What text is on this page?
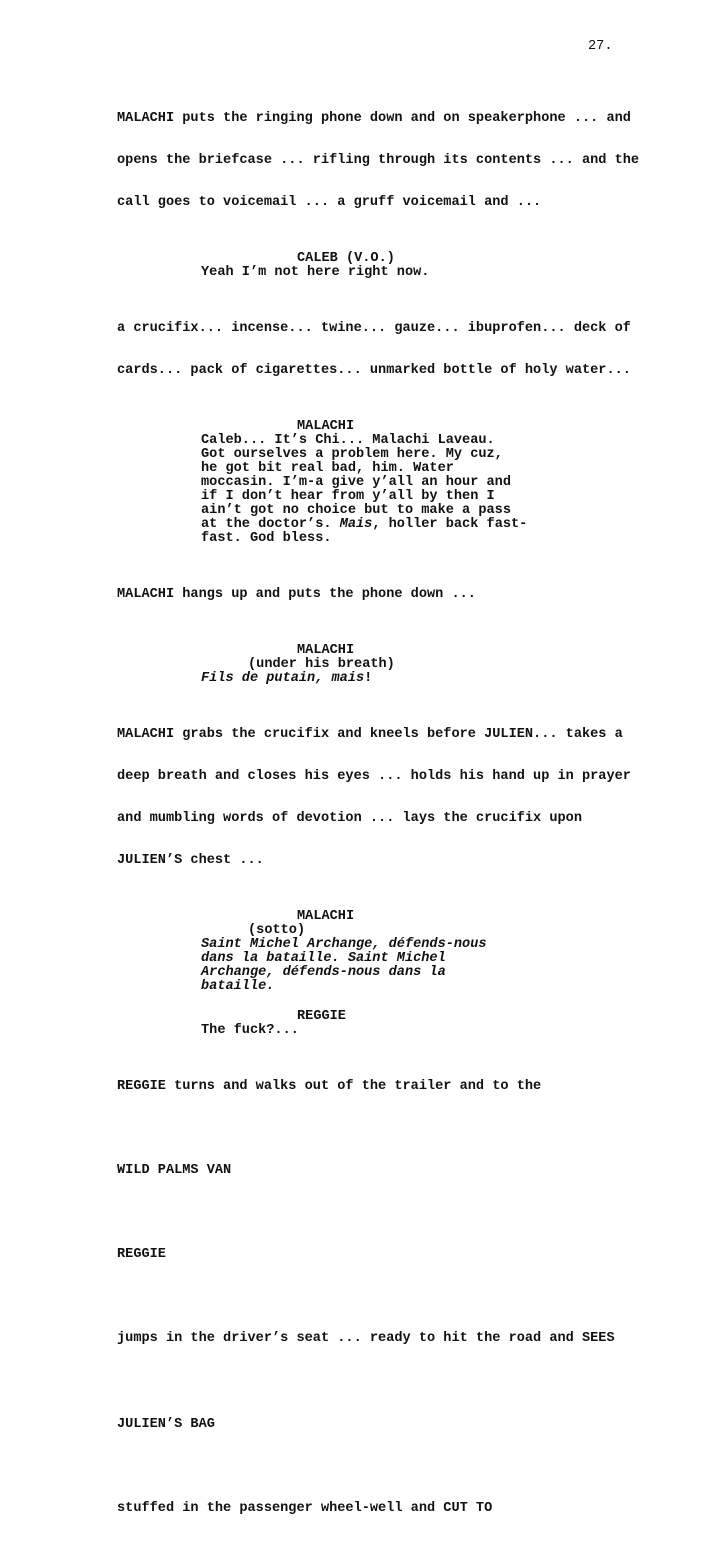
27.

MALACHI puts the ringing phone down and on speakerphone ... and

opens the briefcase ... rifling through its contents ... and the

call goes to voicemail ... a gruff voicemail and ...

CALEB (V.O.)
Yeah I’m not here right now.

a crucifix... incense... twine... gauze... ibuprofen... deck of

cards... pack of cigarettes... unmarked bottle of holy water...

MALACHI
Caleb... It’s Chi... Malachi Laveau.
Got ourselves a problem here. My cuz,
he got bit real bad, him. Water
moccasin. I’m-a give y’all an hour and
if I don’t hear from y’all by then I
ain’t got no choice but to make a pass
at the doctor’s. Mais, holler back fast-
fast. God bless.

MALACHI hangs up and puts the phone down ...

MALACHI
(under his breath)
Fils de putain, mais!

MALACHI grabs the crucifix and kneels before JULIEN... takes a

deep breath and closes his eyes ... holds his hand up in prayer

and mumbling words of devotion ... lays the crucifix upon

JULIEN’S chest ...

MALACHI
(sotto)
Saint Michel Archange, défends-nous
dans la bataille. Saint Michel
Archange, défends-nous dans la
bataille.
REGGIE
The fuck?...

REGGIE turns and walks out of the trailer and to the

WILD PALMS VAN

REGGIE

jumps in the driver’s seat ... ready to hit the road and SEES

JULIEN’S BAG

stuffed in the passenger wheel-well and CUT TO
